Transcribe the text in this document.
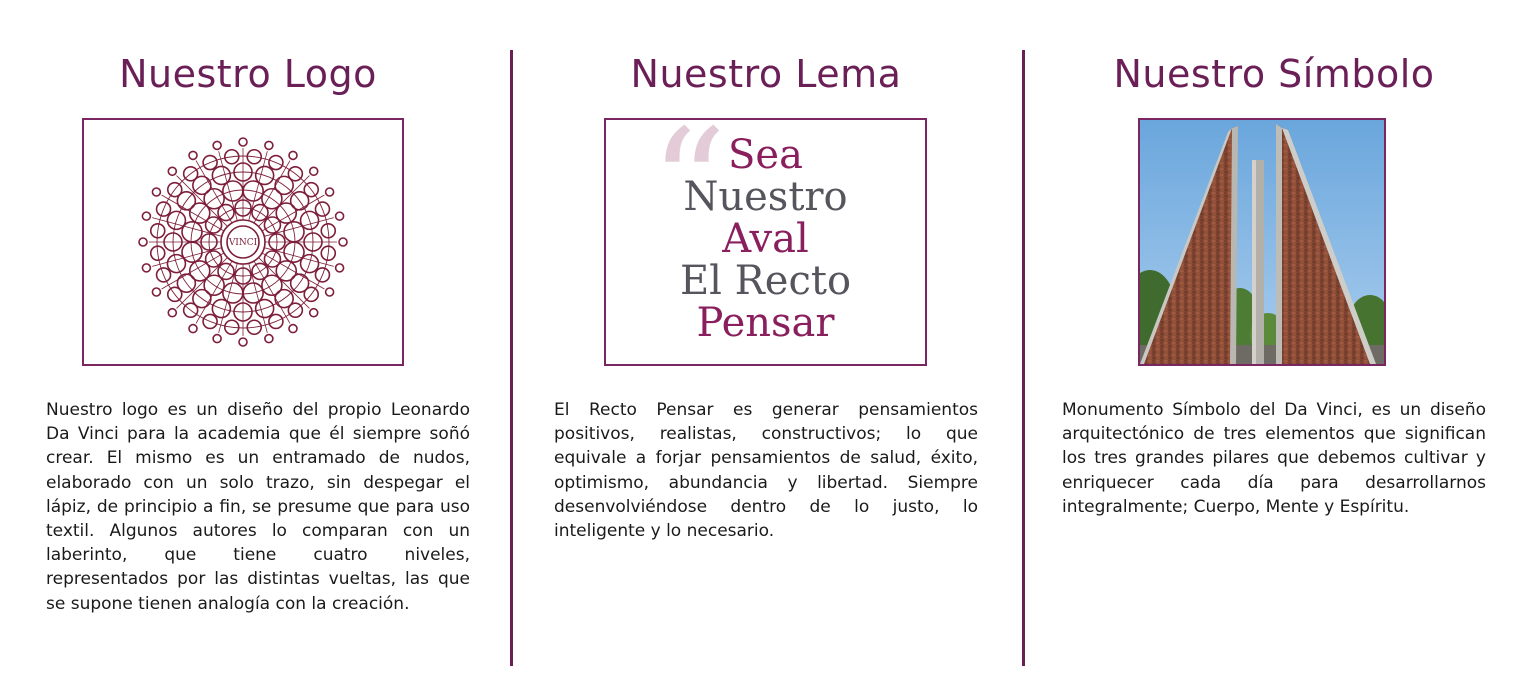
Nuestro Logo
VINCI

Nuestro logo es un diseño del propio Leonardo Da Vinci para la academia que él siempre soñó crear. El mismo es un entramado de nudos, elaborado con un solo trazo, sin despegar el lápiz, de principio a fin, se presume que para uso textil. Algunos autores lo comparan con un laberinto, que tiene cuatro niveles, representados por las distintas vueltas, las que se supone tienen analogía con la creación.

Nuestro Lema
“ Sea
Nuestro
Aval
El Recto
Pensar

El Recto Pensar es generar pensamientos positivos, realistas, constructivos; lo que equivale a forjar pensamientos de salud, éxito, optimismo, abundancia y libertad. Siempre desenvolviéndose dentro de lo justo, lo inteligente y lo necesario.

Nuestro Símbolo

Monumento Símbolo del Da Vinci, es un diseño arquitectónico de tres elementos que significan los tres grandes pilares que debemos cultivar y enriquecer cada día para desarrollarnos integralmente; Cuerpo, Mente y Espíritu.
